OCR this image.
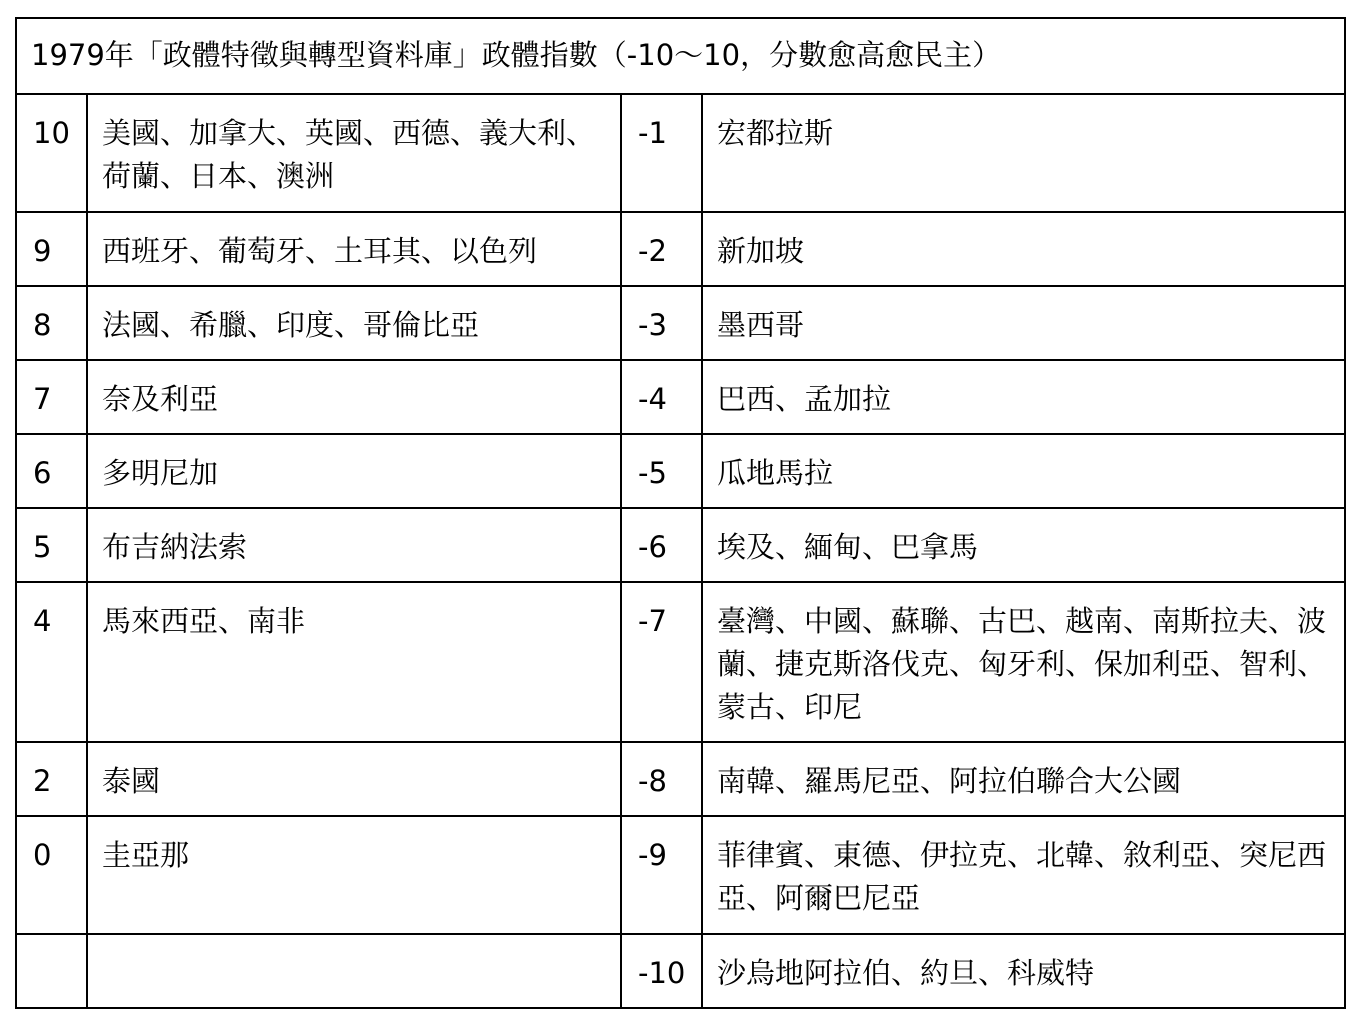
1979年「政體特徵與轉型資料庫」政體指數（-10～10，分數愈高愈民主）			
10	美國、加拿大、英國、西德、義大利、荷蘭、日本、澳洲	-1	宏都拉斯
9	西班牙、葡萄牙、土耳其、以色列	-2	新加坡
8	法國、希臘、印度、哥倫比亞	-3	墨西哥
7	奈及利亞	-4	巴西、孟加拉
6	多明尼加	-5	瓜地馬拉
5	布吉納法索	-6	埃及、緬甸、巴拿馬
4	馬來西亞、南非	-7	臺灣、中國、蘇聯、古巴、越南、南斯拉夫、波蘭、捷克斯洛伐克、匈牙利、保加利亞、智利、蒙古、印尼
2	泰國	-8	南韓、羅馬尼亞、阿拉伯聯合大公國
0	圭亞那	-9	菲律賓、東德、伊拉克、北韓、敘利亞、突尼西亞、阿爾巴尼亞
		-10	沙烏地阿拉伯、約旦、科威特
